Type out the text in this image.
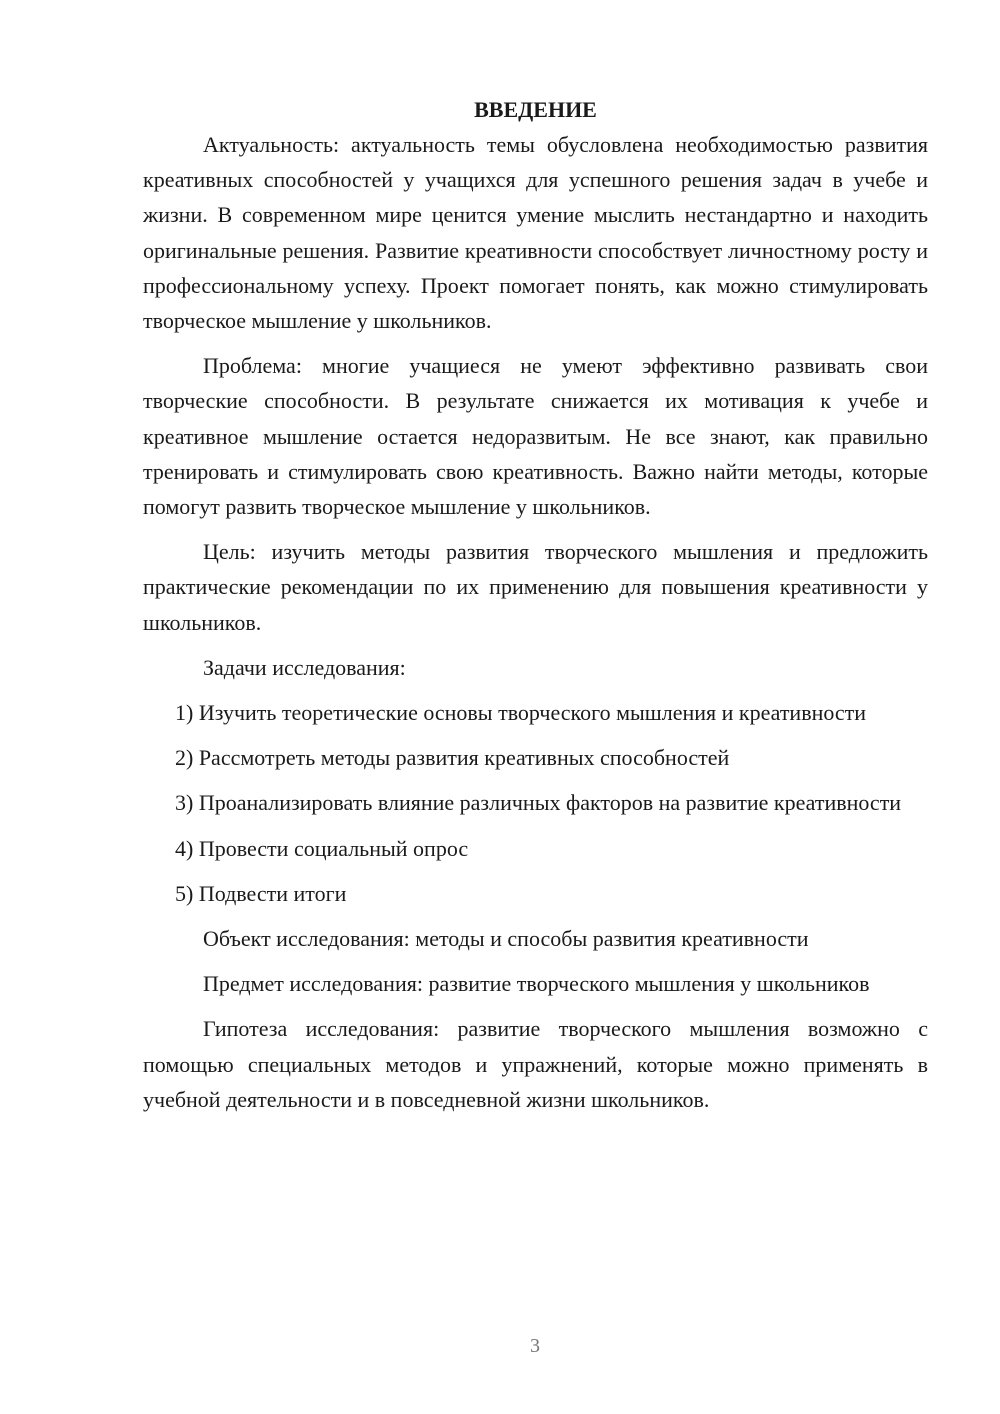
ВВЕДЕНИЕ

Актуальность: актуальность темы обусловлена необходимостью развития креативных способностей у учащихся для успешного решения задач в учебе и жизни. В современном мире ценится умение мыслить нестандартно и находить оригинальные решения. Развитие креативности способствует личностному росту и профессиональному успеху. Проект помогает понять, как можно стимулировать творческое мышление у школьников.

Проблема: многие учащиеся не умеют эффективно развивать свои творческие способности. В результате снижается их мотивация к учебе и креативное мышление остается недоразвитым. Не все знают, как правильно тренировать и стимулировать свою креативность. Важно найти методы, которые помогут развить творческое мышление у школьников.

Цель: изучить методы развития творческого мышления и предложить практические рекомендации по их применению для повышения креативности у школьников.

Задачи исследования:

1) Изучить теоретические основы творческого мышления и креативности

2) Рассмотреть методы развития креативных способностей

3) Проанализировать влияние различных факторов на развитие креативности

4) Провести социальный опрос

5) Подвести итоги

Объект исследования: методы и способы развития креативности

Предмет исследования: развитие творческого мышления у школьников

Гипотеза исследования: развитие творческого мышления возможно с помощью специальных методов и упражнений, которые можно применять в учебной деятельности и в повседневной жизни школьников.

3
